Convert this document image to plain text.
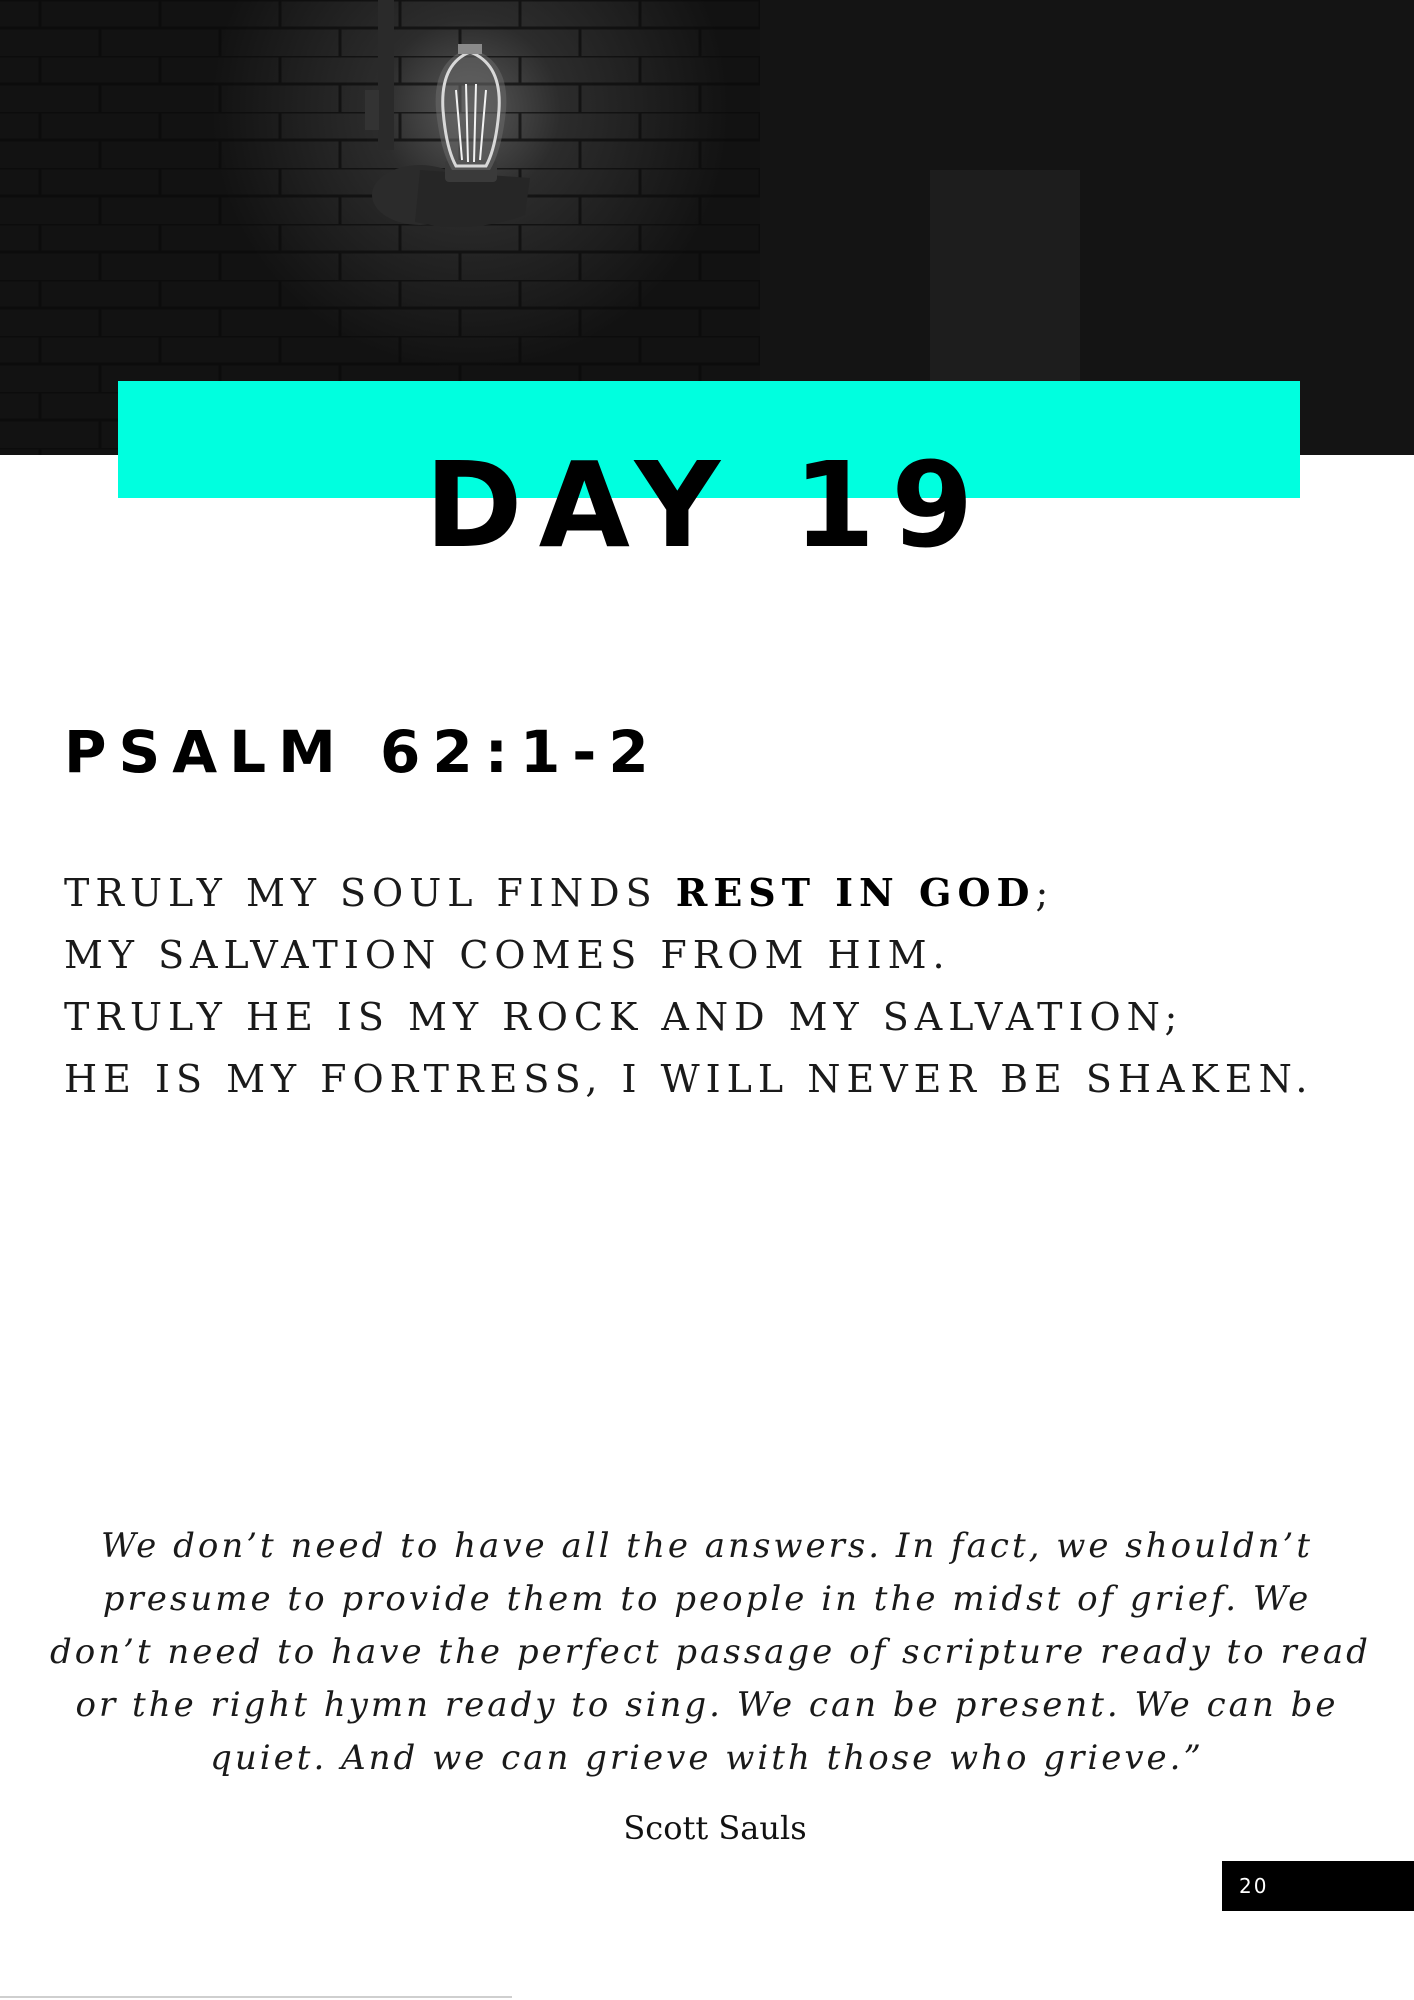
DAY 19
PSALM 62:1-2
TRULY MY SOUL FINDS REST IN GOD;
MY SALVATION COMES FROM HIM.
TRULY HE IS MY ROCK AND MY SALVATION;
HE IS MY FORTRESS, I WILL NEVER BE SHAKEN.
We don’t need to have all the answers. In fact, we shouldn’t
presume to provide them to people in the midst of grief. We
don’t need to have the perfect passage of scripture ready to read
or the right hymn ready to sing. We can be present. We can be
quiet. And we can grieve with those who grieve.”
Scott Sauls
20
